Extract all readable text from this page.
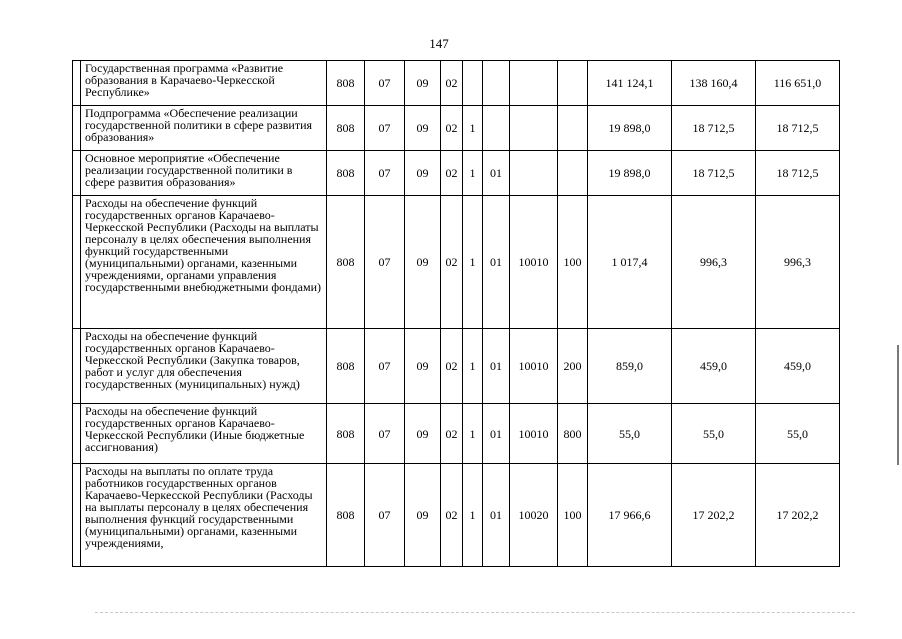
147
	Государственная программа «Развитие образования в Карачаево-Черкесской Республике»	808	07	09	02					141 124,1	138 160,4	116 651,0
	Подпрограмма «Обеспечение реализации государственной политики в сфере развития образования»	808	07	09	02	1				19 898,0	18 712,5	18 712,5
	Основное мероприятие «Обеспечение реализации государственной политики в сфере развития образования»	808	07	09	02	1	01			19 898,0	18 712,5	18 712,5
	Расходы на обеспечение функций государственных органов Карачаево-Черкесской Республики (Расходы на выплаты персоналу в целях обеспечения выполнения функций государственными (муниципальными) органами, казенными учреждениями, органами управления государственными внебюджетными фондами)	808	07	09	02	1	01	10010	100	1 017,4	996,3	996,3
	Расходы на обеспечение функций государственных органов Карачаево-Черкесской Республики (Закупка товаров, работ и услуг для обеспечения государственных (муниципальных) нужд)	808	07	09	02	1	01	10010	200	859,0	459,0	459,0
	Расходы на обеспечение функций государственных органов Карачаево-Черкесской Республики (Иные бюджетные ассигнования)	808	07	09	02	1	01	10010	800	55,0	55,0	55,0
	Расходы на выплаты по оплате труда работников государственных органов Карачаево-Черкесской Республики (Расходы на выплаты персоналу в целях обеспечения выполнения функций государственными (муниципальными) органами, казенными учреждениями,	808	07	09	02	1	01	10020	100	17 966,6	17 202,2	17 202,2
